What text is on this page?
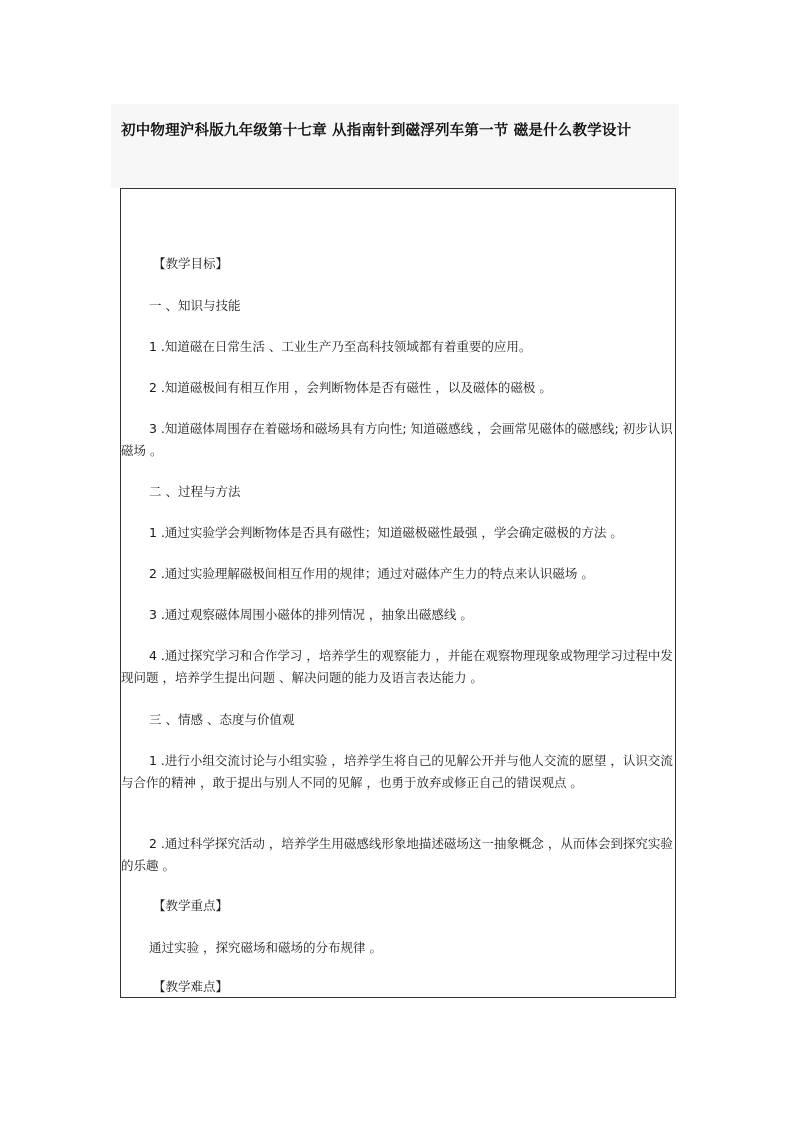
初中物理沪科版九年级第十七章 从指南针到磁浮列车第一节 磁是什么教学设计

【教学目标】

一 、知识与技能

1 .知道磁在日常生活 、工业生产乃至高科技领域都有着重要的应用。

2 .知道磁极间有相互作用 ，会判断物体是否有磁性 ，以及磁体的磁极 。

3 .知道磁体周围存在着磁场和磁场具有方向性; 知道磁感线 ，会画常见磁体的磁感线; 初步认识磁场 。

二 、过程与方法

1 .通过实验学会判断物体是否具有磁性；知道磁极磁性最强 ，学会确定磁极的方法 。

2 .通过实验理解磁极间相互作用的规律；通过对磁体产生力的特点来认识磁场 。

3 .通过观察磁体周围小磁体的排列情况 ，抽象出磁感线 。

4 .通过探究学习和合作学习 ，培养学生的观察能力 ，并能在观察物理现象或物理学习过程中发现问题 ，培养学生提出问题 、解决问题的能力及语言表达能力 。

三 、情感 、态度与价值观

1 .进行小组交流讨论与小组实验 ，培养学生将自己的见解公开并与他人交流的愿望 ，认识交流与合作的精神 ，敢于提出与别人不同的见解 ，也勇于放弃或修正自己的错误观点 。

2 .通过科学探究活动 ，培养学生用磁感线形象地描述磁场这一抽象概念 ，从而体会到探究实验的乐趣 。

【教学重点】

通过实验 ，探究磁场和磁场的分布规律 。

【教学难点】
